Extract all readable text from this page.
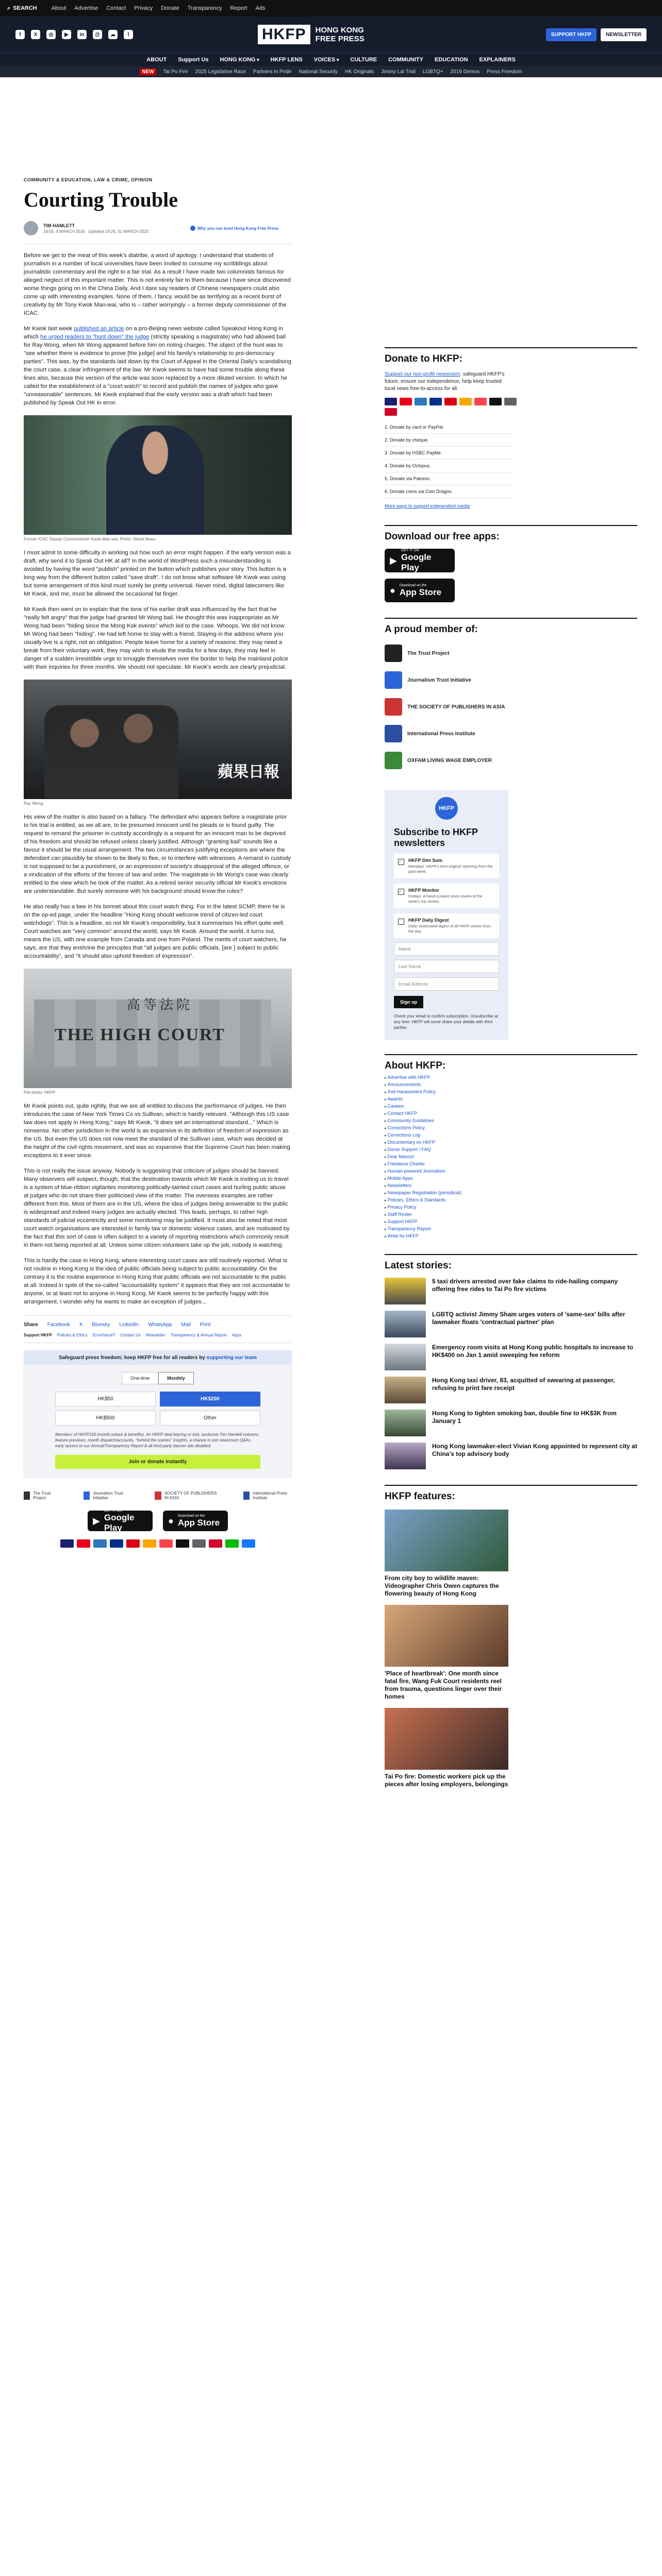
⌕ SEARCH	About Advertise Contact Privacy Donate Transparency Report Ads
f	X	◎	▶	in	@	☁	⌇	HKFP	HONG KONG
FREE PRESS	SUPPORT HKFP	NEWSLETTER
ABOUT Support Us HONG KONG ▾	HKFP LENS VOICES ▾	CULTURE COMMUNITY EDUCATION EXPLAINERS
NEW	Tai Po Fire 2025 Legislative Race Partners in Pride National Security HK Originals Jimmy Lai Trial LGBTQ+ 2019 Demos Press Freedom
COMMUNITY & EDUCATION, LAW & CRIME, OPINION
Courting Trouble
TIM HAMLETT
16:05, 4 MARCH 2016 Updated 19:26, 31 MARCH 2020
Why you can trust Hong Kong Free Press

Before we get to the meat of this week's diatribe, a word of apology. I understand that students of journalism in a number of local universities have been invited to consume my scribblings about journalistic commentary and the right to a fair trial. As a result I have made two columnists famous for alleged neglect of this important matter. This is not entirely fair to them because I have since discovered worse things going on in the China Daily. And I dare say readers of Chinese newspapers could also come up with interesting examples. None of them, I fancy, would be as terrifying as a recent burst of creativity by Mr Tony Kwok Man-wai, who is – rather worryingly – a former deputy commissioner of the ICAC.

Mr Kwok last week published an article on a pro-Beijing news website called Speakout Hong Kong in which he urged readers to "hunt down" the judge (strictly speaking a magistrate) who had allowed bail for Ray Wong, when Mr Wong appeared before him on rioting charges. The object of the hunt was to "see whether there is evidence to prove [the judge] and his family's relationship to pro-democracy parties". This was, by the standards laid down by the Court of Appeal in the Oriental Daily's scandalising the court case, a clear infringement of the law. Mr Kwok seems to have had some trouble along these lines also, because this version of the article was soon replaced by a more diluted version. In which he called for the establishment of a "court watch" to record and publish the names of judges who gave "unreasonable" sentences. Mr Kwok explained that the early version was a draft which had been published by Speak Out HK in error.

Former ICAC Deputy Commissioner Kwok Man-wai. Photo: Stand News.

I must admit to some difficulty in working out how such an error might happen. If the early version was a draft, why send it to Speak Out HK at all? In the world of WordPress such a misunderstanding is avoided by having the word "publish" printed on the button which publishes your story. This button is a long way from the different button called "save draft". I do not know what software Mr Kwok was using but some arrangement of this kind must surely be pretty universal. Never mind, digital latecomers like Mr Kwok, and me, must be allowed the occasional fat finger.

Mr Kwok then went on to explain that the tone of his earlier draft was influenced by the fact that he "really felt angry" that the judge had granted Mr Wong bail. He thought this was inappropriate as Mr Wong had been "hiding since the Mong Kok events" which led to the case. Whoops. We did not know Mr Wong had been "hiding". He had left home to stay with a friend. Staying in the address where you usually live is a right, not an obligation. People leave home for a variety of reasons: they may need a break from their voluntary work, they may wish to elude the media for a few days, they may feel in danger of a sudden irresistible urge to smuggle themselves over the border to help the mainland police with their inquiries for three months. We should not speculate. Mr Kwok's words are clearly prejudicial.

蘋果日報
Ray Wong.

His view of the matter is also based on a fallacy. The defendant who appears before a magistrate prior to his trial is entitled, as we all are, to be presumed innocent until he pleads or is found guilty. The request to remand the prisoner in custody accordingly is a request for an innocent man to be deprived of his freedom and should be refused unless clearly justified. Although "granting bail" sounds like a favour it should be the usual arrangement. The two circumstances justifying exceptions are where the defendant can plausibly be shown to be likely to flee, or to interfere with witnesses. A remand in custody is not supposed to be a punishment, or an expression of society's disapproval of the alleged offence, or a vindication of the efforts of the forces of law and order. The magistrate in Mr Wong's case was clearly entitled to the view which he took of the matter. As a retired senior security official Mr Kwok's emotions are understandable. But surely someone with his background should know the rules?

He also really has a bee in his bonnet about this court watch thing. For in the latest SCMP, there he is on the op-ed page, under the headline "Hong Kong should welcome trend of citizen-led court watchdogs". This is a headline, so not Mr Kwok's responsibility, but it summarises his effort quite well. Court watches are "very common" around the world, says Mr Kwok. Around the world, it turns out, means the US, with one example from Canada and one from Poland. The merits of court watchers, he says, are that they enshrine the principles that "all judges are public officials, [are ] subject to public accountability", and "it should also uphold freedom of expression".

高等法院
THE HIGH COURT
File photo: HKFP.

Mr Kwok points out, quite rightly, that we are all entitled to discuss the performance of judges. He then introduces the case of New York Times Co vs Sullivan, which is hardly relevant. "Although this US case law does not apply in Hong Kong," says Mr Kwok, "it does set an international standard..." Which is nonsense. No other jurisdiction in the world is as expansive in its definition of freedom of expression as the US. But even the US does not now meet the standard of the Sullivan case, which was decided at the height of the civil rights movement, and was so expansive that the Supreme Court has been making exceptions to it ever since.

This is not really the issue anyway. Nobody is suggesting that criticism of judges should be banned. Many observers will suspect, though, that the destination towards which Mr Kwok is inviting us to travel is a system of blue-ribbon vigilantes monitoring politically-tainted court cases and hurling public abuse at judges who do not share their politicised view of the matter. The overseas examples are rather different from this. Most of them are in the US, where the idea of judges being answerable to the public is widespread and indeed many judges are actually elected. This leads, perhaps, to rather high standards of judicial eccentricity and some monitoring may be justified. It must also be noted that most court watch organisations are interested in family law or domestic violence cases, and are motivated by the fact that this sort of case is often subject to a variety of reporting restrictions which commonly result in them not being reported at all. Unless some citizen volunteers take up the job, nobody is watching.

This is hardly the case in Hong Kong, where interesting court cases are still routinely reported. What is not routine in Hong Kong is the idea of public officials being subject to public accountability. On the contrary it is the routine experience in Hong Kong that public officials are not accountable to the public at all. Indeed in spite of the so-called "accountability system" it appears that they are not accountable to anyone, or at least not to anyone in Hong Kong. Mr Kwok seems to be perfectly happy with this arrangement. I wonder why he wants to make an exception of judges...

Share Facebook X Bluesky LinkedIn WhatsApp Mail Print
Support HKFP Policies & Ethics Error/Issue? Contact Us Newsletter Transparency & Annual Report Apps
Safeguard press freedom; keep HKFP free for all readers by supporting our team
One-time	Monthly
HK$50	HK$200
HK$500	Other
Members of HKFP150 (month unlock & benefits). An HKFP deal keyring or tote, exclusive Tim Hamlett columns, feature previews, month dispatch/accounts, "behind the scenes" insights, a chance to join newsroom Q&As, early access to our Annual/Transparency Report & all third-party banner ads disabled.
Join or donate instantly
The Trust Project
Journalism Trust Initiative
SOCIETY OF PUBLISHERS IN ASIA
International Press Institute
▶
GET IT ON
Google Play
● Download on the
App Store
Donate to HKFP:
Support our non-profit newsroom: safeguard HKFP's future, ensure our independence, help keep trusted local news free-to-access for all.
1. Donate by card or PayPal.
2. Donate by cheque.
3. Donate by HSBC PayMe.
4. Donate by Octopus.
5. Donate via Patreon.
6. Donate coins via Coin Dragon.
More ways to support independent media
Download our free apps:
▶
GET IT ON
Google Play
● Download on the
App Store
A proud member of:
The Trust Project
Journalism Trust Initiative
THE SOCIETY OF PUBLISHERS IN ASIA
International Press Institute
OXFAM LIVING WAGE EMPLOYER
HKFP
Subscribe to HKFP newsletters
✓	HKFP Dim Sum
Mondays: HKFP's best original reporting from the past week.
✓	HKFP Monitor
Fridays: A hand-curated news review of the week's top stories.
HKFP Daily Digest
Daily: Automated digest of all HKFP stories from the day.
Name
Last Name
Email Address
Sign up
Check your email to confirm subscription. Unsubscribe at any time. HKFP will never share your details with third parties.
About HKFP:
▸ Advertise with HKFP
▸ Announcements
▸ Anti-Harassment Policy
▸ Awards
▸ Careers
▸ Contact HKFP
▸ Community Guidelines
▸ Corrections Policy
▸ Corrections Log
▸ Documentary on HKFP
▸ Donor Support / FAQ
▸ Dear Mascot
▸ Freelance Charter
▸ Human-powered Journalism
▸ Mobile Apps
▸ Newsletters
▸ Newspaper Registration (periodical)
▸ Policies, Ethics & Standards
▸ Privacy Policy
▸ Staff Roster
▸ Support HKFP
▸ Transparency Report
▸ Write for HKFP
Latest stories:
5 taxi drivers arrested over fake claims to ride-hailing company offering free rides to Tai Po fire victims
LGBTQ activist Jimmy Sham urges voters of 'same-sex' bills after lawmaker floats 'contractual partner' plan
Emergency room visits at Hong Kong public hospitals to increase to HK$400 on Jan 1 amid sweeping fee reform
Hong Kong taxi driver, 83, acquitted of swearing at passenger, refusing to print fare receipt
Hong Kong to tighten smoking ban, double fine to HK$3K from January 1
Hong Kong lawmaker-elect Vivian Kong appointed to represent city at China's top advisory body
HKFP features:
From city boy to wildlife maven: Videographer Chris Owen captures the flowering beauty of Hong Kong
'Place of heartbreak': One month since fatal fire, Wang Fuk Court residents reel from trauma, questions linger over their homes
Tai Po fire: Domestic workers pick up the pieces after losing employers, belongings
